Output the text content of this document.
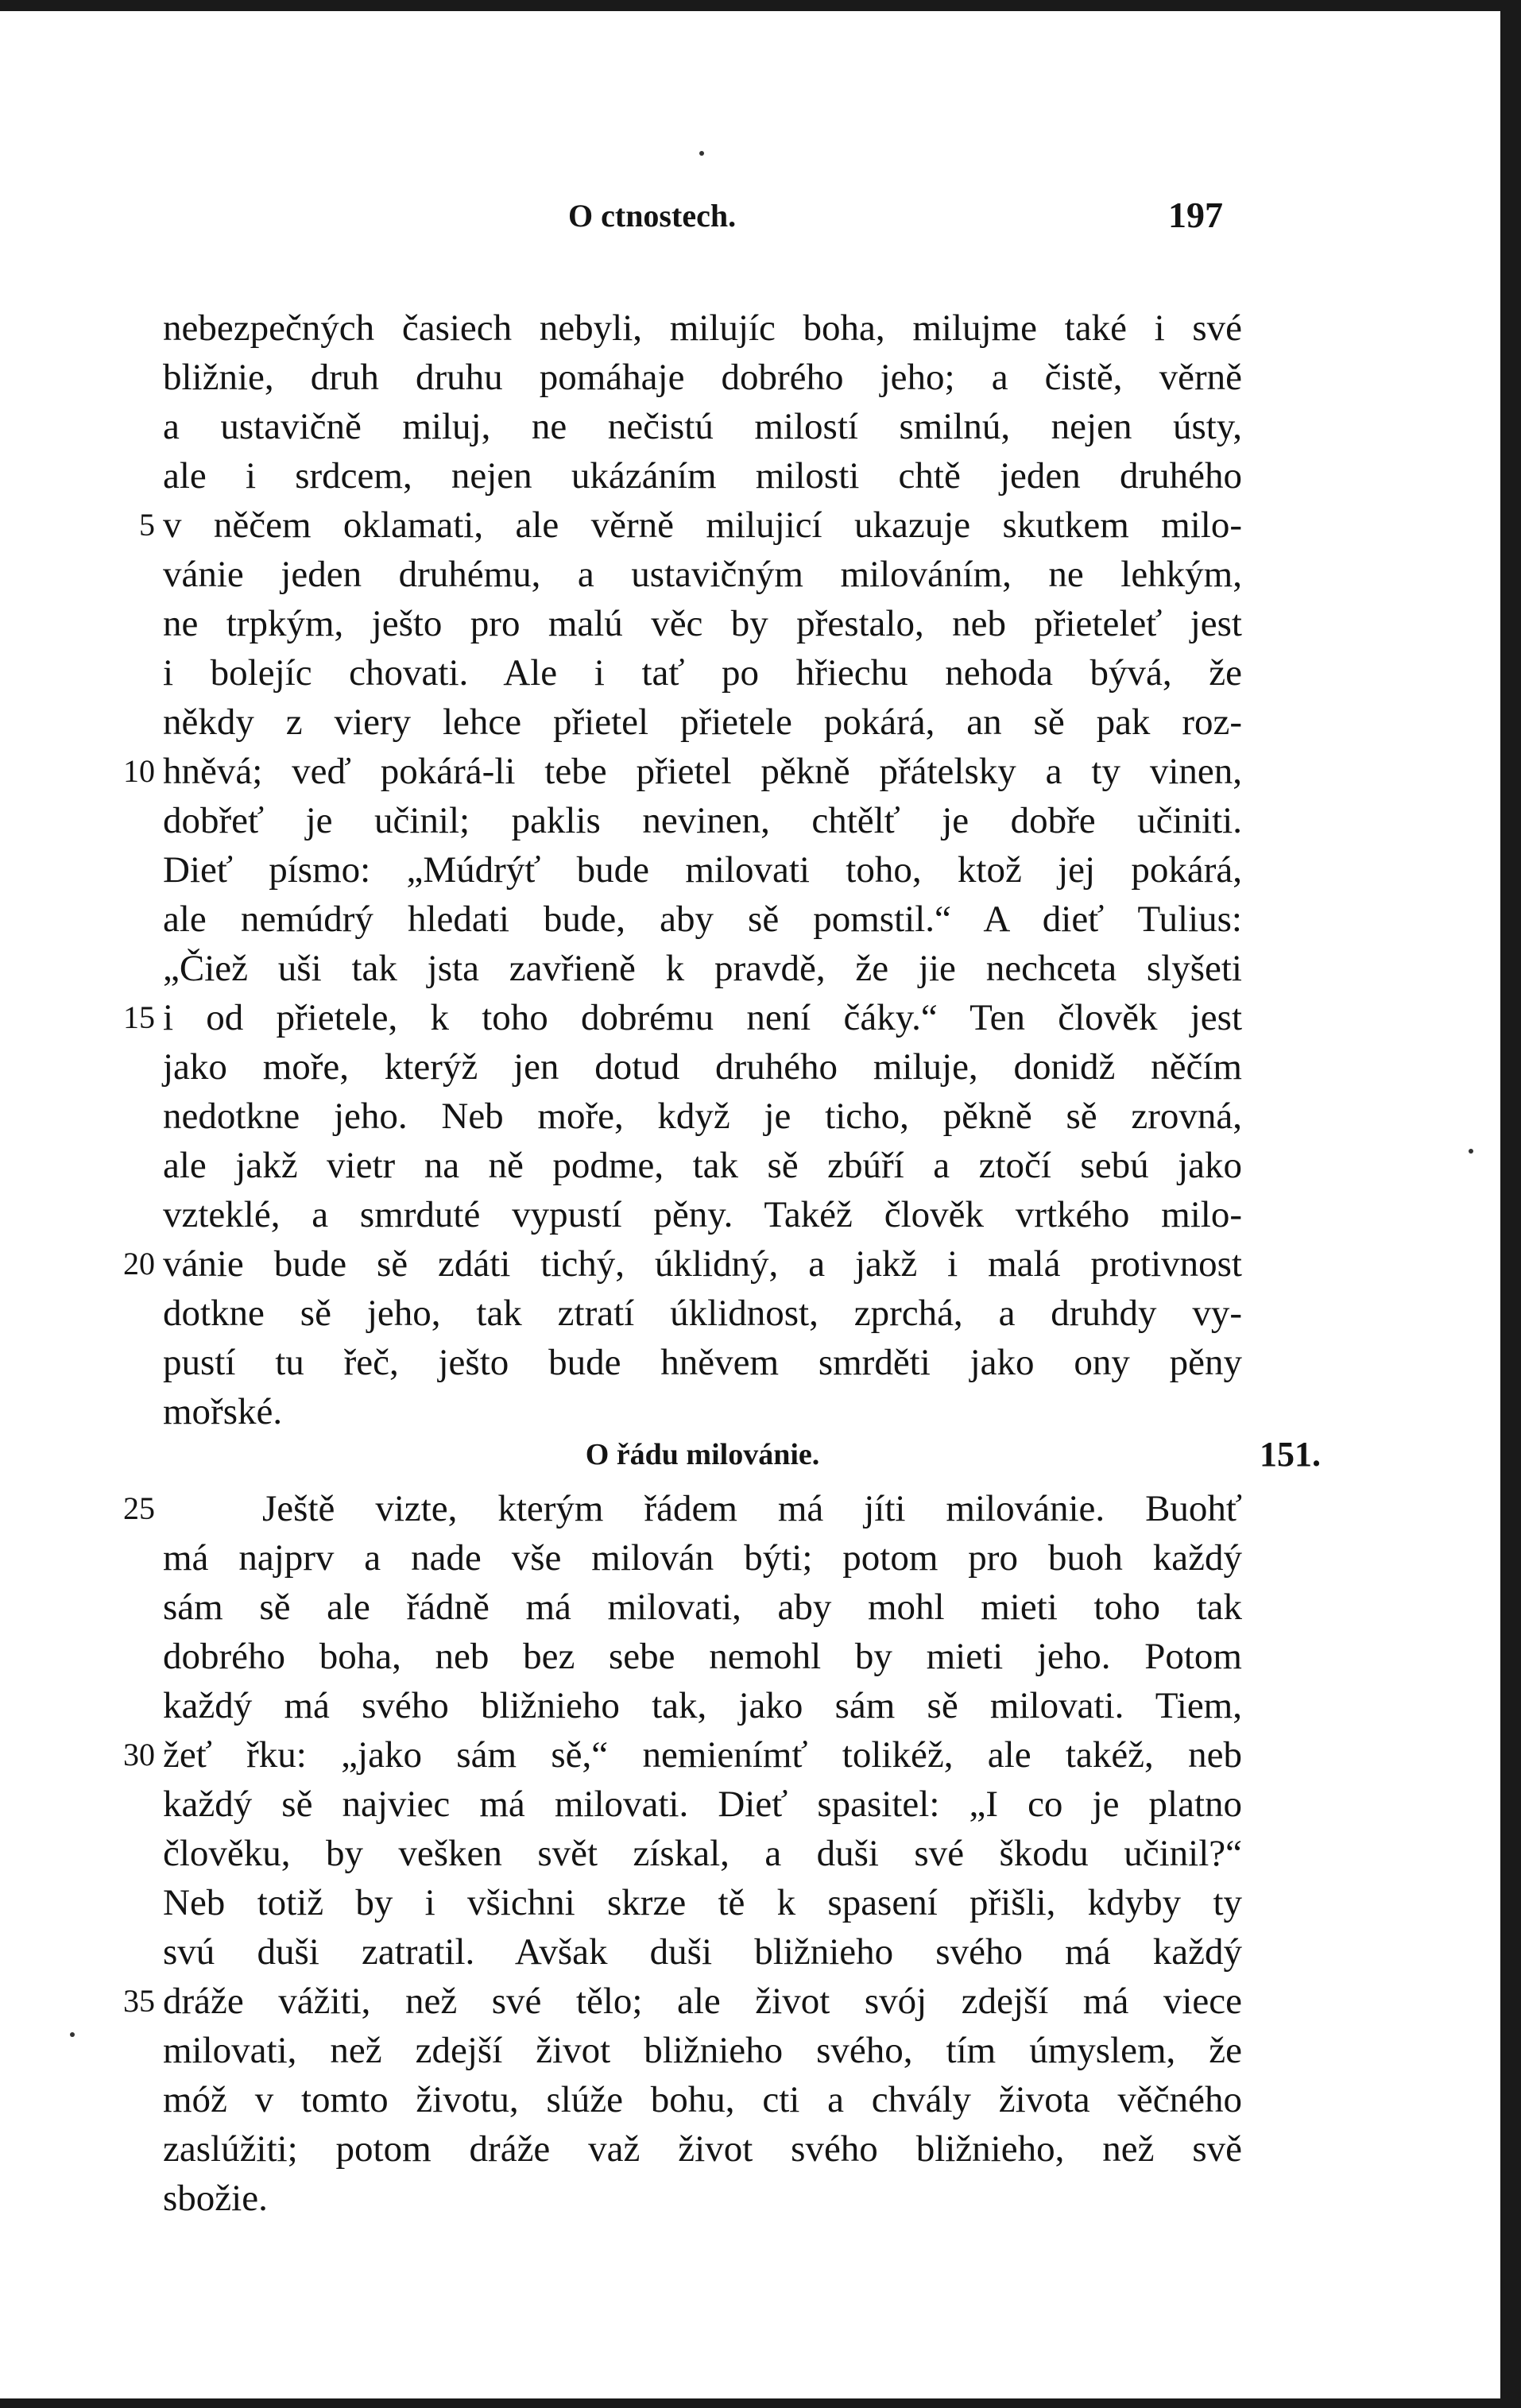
O ctnostech.	197
nebezpečných časiech nebyli, milujíc boha, milujme také i své
bližnie, druh druhu pomáhaje dobrého jeho; a čistě, věrně
a ustavičně miluj, ne nečistú milostí smilnú, nejen ústy,
ale i srdcem, nejen ukázáním milosti chtě jeden druhého
v něčem oklamati, ale věrně milujicí ukazuje skutkem milo-
vánie jeden druhému, a ustavičným milováním, ne lehkým,
ne trpkým, ješto pro malú věc by přestalo, neb přieteleť jest
i bolejíc chovati. Ale i tať po hřiechu nehoda bývá, že
někdy z viery lehce přietel přietele pokárá, an sě pak roz-
hněvá; veď pokárá-li tebe přietel pěkně přátelsky a ty vinen,
dobřeť je učinil; paklis nevinen, chtělť je dobře učiniti.
Dieť písmo: „Múdrýť bude milovati toho, ktož jej pokárá,
ale nemúdrý hledati bude, aby sě pomstil.“ A dieť Tulius:
„Čiež uši tak jsta zavřieně k pravdě, že jie nechceta slyšeti
i od přietele, k toho dobrému není čáky.“ Ten člověk jest
jako moře, kterýž jen dotud druhého miluje, donidž něčím
nedotkne jeho. Neb moře, když je ticho, pěkně sě zrovná,
ale jakž vietr na ně podme, tak sě zbúří a ztočí sebú jako
vzteklé, a smrduté vypustí pěny. Takéž člověk vrtkého milo-
vánie bude sě zdáti tichý, úklidný, a jakž i malá protivnost
dotkne sě jeho, tak ztratí úklidnost, zprchá, a druhdy vy-
pustí tu řeč, ješto bude hněvem smrděti jako ony pěny
mořské.
O řádu milovánie.	151.
Ještě vizte, kterým řádem má jíti milovánie. Buohť
má najprv a nade vše milován býti; potom pro buoh každý
sám sě ale řádně má milovati, aby mohl mieti toho tak
dobrého boha, neb bez sebe nemohl by mieti jeho. Potom
každý má svého bližnieho tak, jako sám sě milovati. Tiem,
žeť řku: „jako sám sě,“ nemienímť tolikéž, ale takéž, neb
každý sě najviec má milovati. Dieť spasitel: „I co je platno
člověku, by vešken svět získal, a duši své škodu učinil?“
Neb totiž by i všichni skrze tě k spasení přišli, kdyby ty
svú duši zatratil. Avšak duši bližnieho svého má každý
dráže vážiti, než své tělo; ale život svój zdejší má viece
milovati, než zdejší život bližnieho svého, tím úmyslem, že
móž v tomto životu, slúže bohu, cti a chvály života věčného
zaslúžiti; potom dráže važ život svého bližnieho, než svě
sbožie.
5
10
15
20
25
30
35
